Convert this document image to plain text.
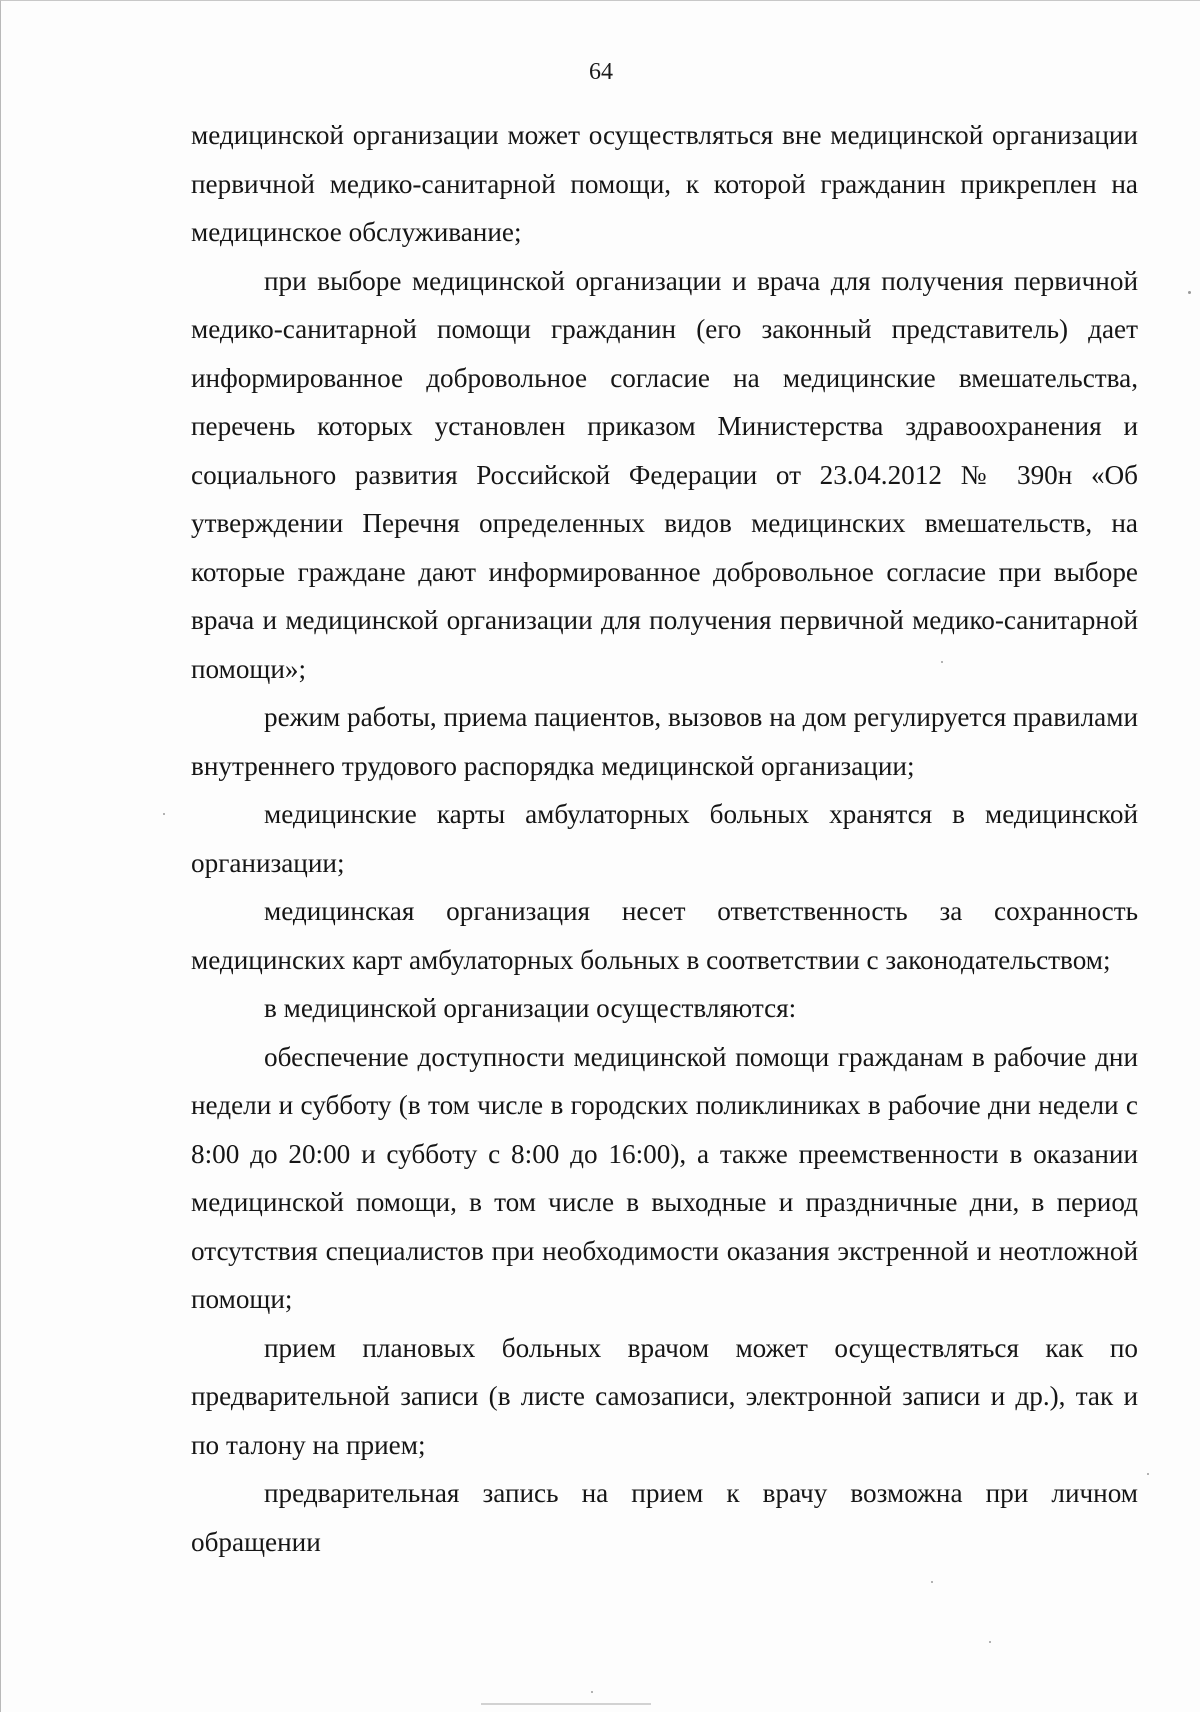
64

медицинской организации может осуществляться вне медицинской организации первичной медико-санитарной помощи, к которой гражданин прикреплен на медицинское обслуживание;

при выборе медицинской организации и врача для получения первичной медико-санитарной помощи гражданин (его законный представитель) дает информированное добровольное согласие на медицинские вмешательства, перечень которых установлен приказом Министерства здравоохранения и социального развития Российской Федерации от 23.04.2012 № 390н «Об утверждении Перечня определенных видов медицинских вмешательств, на которые граждане дают информированное добровольное согласие при выборе врача и медицинской организации для получения первичной медико-санитарной помощи»;

режим работы, приема пациентов, вызовов на дом регулируется правилами внутреннего трудового распорядка медицинской организации;

медицинские карты амбулаторных больных хранятся в медицинской организации;

медицинская организация несет ответственность за сохранность медицинских карт амбулаторных больных в соответствии с законодательством;

в медицинской организации осуществляются:

обеспечение доступности медицинской помощи гражданам в рабочие дни недели и субботу (в том числе в городских поликлиниках в рабочие дни недели с 8:00 до 20:00 и субботу с 8:00 до 16:00), а также преемственности в оказании медицинской помощи, в том числе в выходные и праздничные дни, в период отсутствия специалистов при необходимости оказания экстренной и неотложной помощи;

прием плановых больных врачом может осуществляться как по предварительной записи (в листе самозаписи, электронной записи и др.), так и по талону на прием;

предварительная запись на прием к врачу возможна при личном обращении
